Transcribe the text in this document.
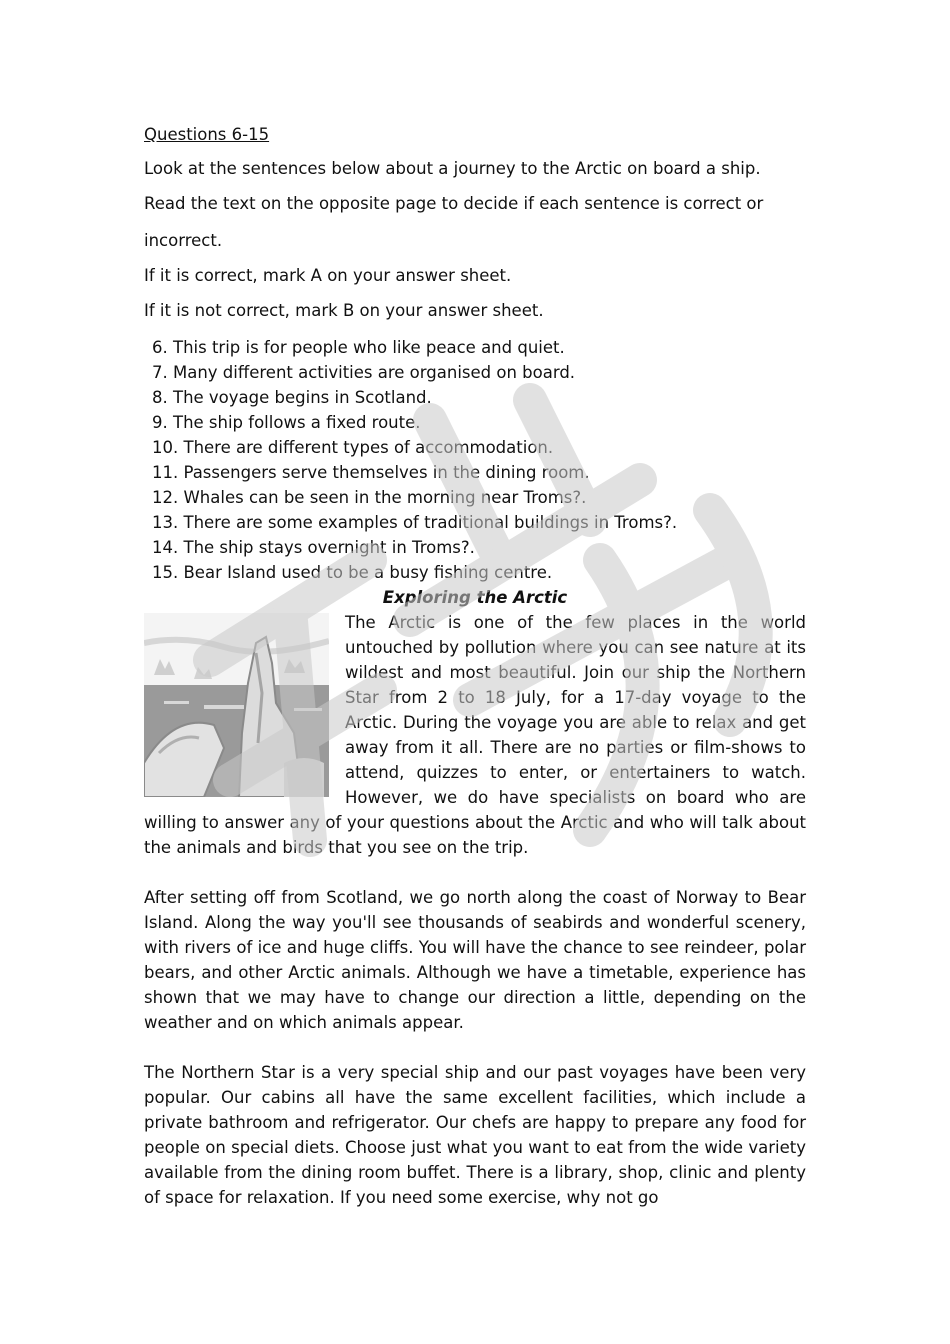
Questions 6-15

Look at the sentences below about a journey to the Arctic on board a ship.

Read the text on the opposite page to decide if each sentence is correct or

incorrect.

If it is correct, mark A on your answer sheet.

If it is not correct, mark B on your answer sheet.

6. This trip is for people who like peace and quiet.
7. Many different activities are organised on board.
8. The voyage begins in Scotland.
9. The ship follows a fixed route.
10. There are different types of accommodation.
11. Passengers serve themselves in the dining room.
12. Whales can be seen in the morning near Troms?.
13. There are some examples of traditional buildings in Troms?.
14. The ship stays overnight in Troms?.
15. Bear Island used to be a busy fishing centre.

Exploring the Arctic

The Arctic is one of the few places in the world untouched by pollution where you can see nature at its wildest and most beautiful. Join our ship the Northern Star from 2 to 18 July, for a 17-day voyage to the Arctic. During the voyage you are able to relax and get away from it all. There are no parties or film-shows to attend, quizzes to enter, or entertainers to watch. However, we do have specialists on board who are willing to answer any of your questions about the Arctic and who will talk about the animals and birds that you see on the trip.

After setting off from Scotland, we go north along the coast of Norway to Bear Island. Along the way you'll see thousands of seabirds and wonderful scenery, with rivers of ice and huge cliffs. You will have the chance to see reindeer, polar bears, and other Arctic animals. Although we have a timetable, experience has shown that we may have to change our direction a little, depending on the weather and on which animals appear.

The Northern Star is a very special ship and our past voyages have been very popular. Our cabins all have the same excellent facilities, which include a private bathroom and refrigerator. Our chefs are happy to prepare any food for people on special diets. Choose just what you want to eat from the wide variety available from the dining room buffet. There is a library, shop, clinic and plenty of space for relaxation. If you need some exercise, why not go
